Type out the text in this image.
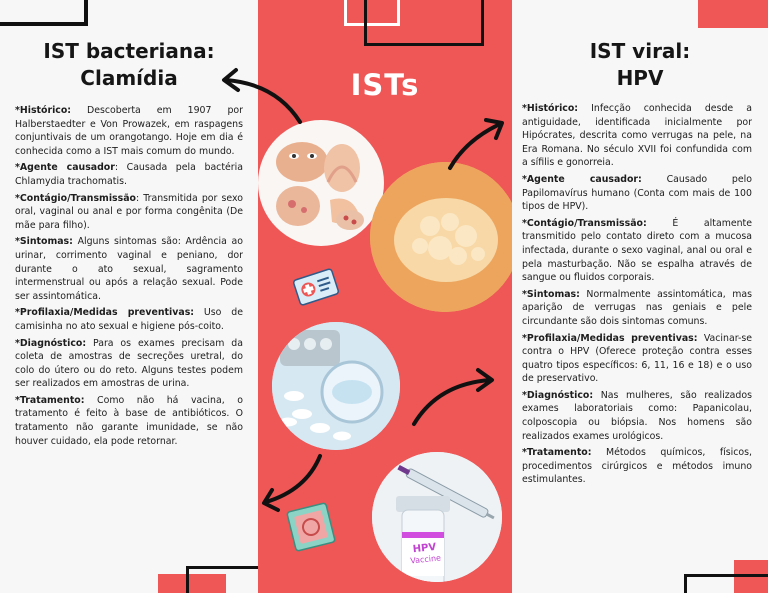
IST bacteriana:
Clamídia

*Histórico: Descoberta em 1907 por Halberstaedter e Von Prowazek, em raspagens conjuntivais de um orangotango. Hoje em dia é conhecida como a IST mais comum do mundo.

*Agente causador: Causada pela bactéria Chlamydia trachomatis.

*Contágio/Transmissão: Transmitida por sexo oral, vaginal ou anal e por forma congênita (De mãe para filho).

*Sintomas: Alguns sintomas são: Ardência ao urinar, corrimento vaginal e peniano, dor durante o ato sexual, sagramento intermenstrual ou após a relação sexual. Pode ser assintomática.

*Profilaxia/Medidas preventivas: Uso de camisinha no ato sexual e higiene pós-coito.

*Diagnóstico: Para os exames precisam da coleta de amostras de secreções uretral, do colo do útero ou do reto. Alguns testes podem ser realizados em amostras de urina.

*Tratamento: Como não há vacina, o tratamento é feito à base de antibióticos. O tratamento não garante imunidade, se não houver cuidado, ela pode retornar.

ISTs
HPV
Vaccine
IST viral:
HPV

*Histórico: Infecção conhecida desde a antiguidade, identificada inicialmente por Hipócrates, descrita como verrugas na pele, na Era Romana. No século XVII foi confundida com a sífilis e gonorreia.

*Agente causador: Causado pelo Papilomavírus humano (Conta com mais de 100 tipos de HPV).

*Contágio/Transmissão: É altamente transmitido pelo contato direto com a mucosa infectada, durante o sexo vaginal, anal ou oral e pela masturbação. Não se espalha através de sangue ou fluidos corporais.

*Sintomas: Normalmente assintomática, mas aparição de verrugas nas geniais e pele circundante são dois sintomas comuns.

*Profilaxia/Medidas preventivas: Vacinar-se contra o HPV (Oferece proteção contra esses quatro tipos específicos: 6, 11, 16 e 18) e o uso de preservativo.

*Diagnóstico: Nas mulheres, são realizados exames laboratoriais como: Papanicolau, colposcopia ou biópsia. Nos homens são realizados exames urológicos.

*Tratamento: Métodos químicos, físicos, procedimentos cirúrgicos e métodos imuno estimulantes.
